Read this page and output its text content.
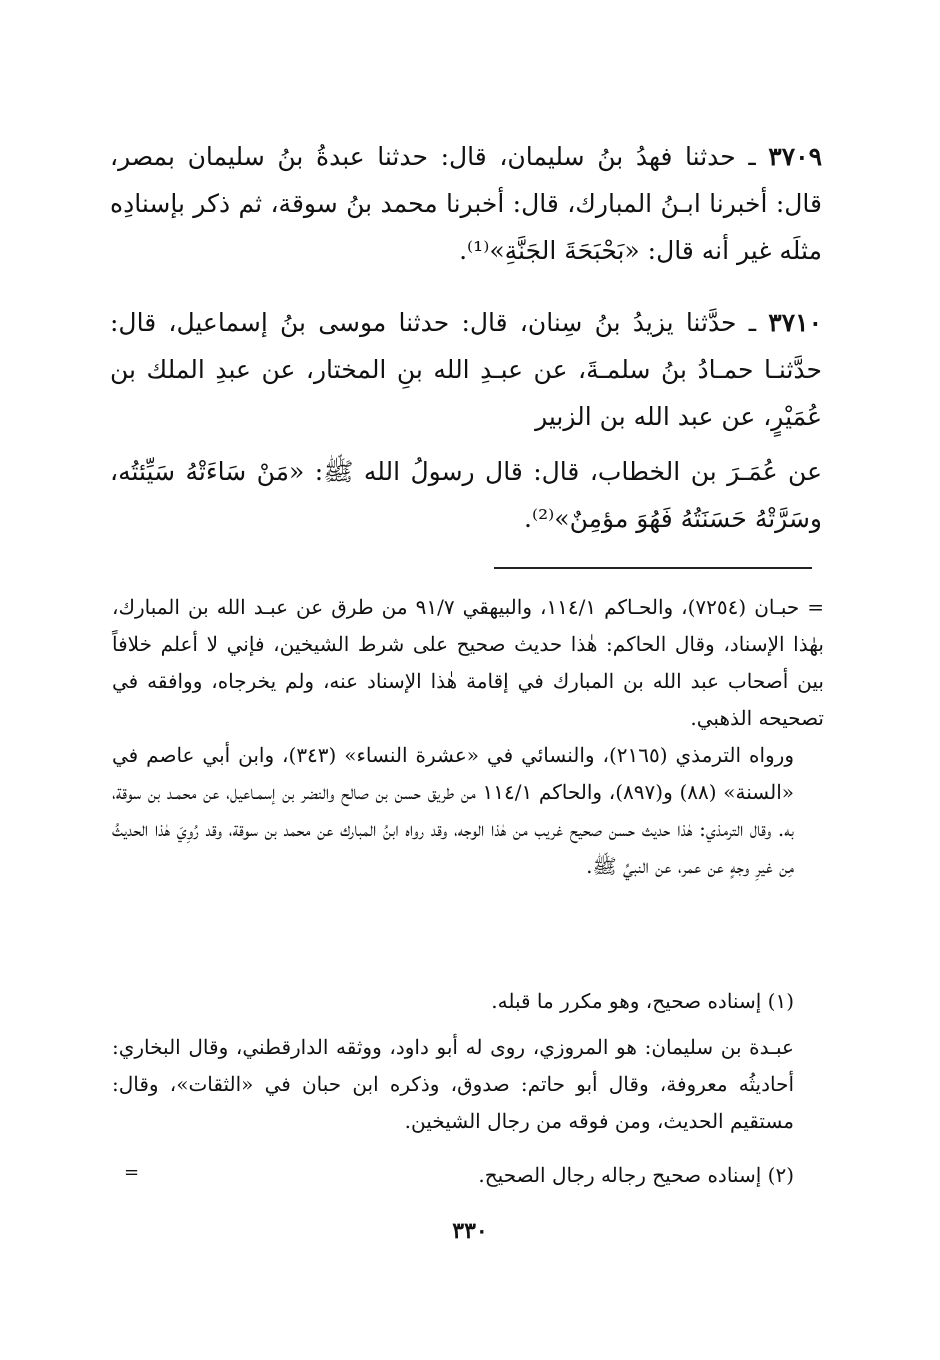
٣٧٠٩ ـ حدثنا فهدُ بنُ سليمان، قال: حدثنا عبدةُ بنُ سليمان بمصر، قال: أخبرنا ابـنُ المبارك، قال: أخبرنا محمد بنُ سوقة، ثم ذكر بإسنادِه مثلَه غير أنه قال: «بَحْبَحَةَ الجَنَّةِ»⁽¹⁾.

٣٧١٠ ـ حدَّثنا يزيدُ بنُ سِنان، قال: حدثنا موسى بنُ إسماعيل، قال: حدَّثنـا حمـادُ بنُ سلمـةَ، عن عبـدِ الله بنِ المختار، عن عبدِ الملك بن عُمَيْرٍ، عن عبد الله بن الزبير

عن عُمَـرَ بن الخطاب، قال: قال رسولُ الله ﷺ: «مَنْ سَاءَتْهُ سَيِّئتُه، وسَرَّتْهُ حَسَنَتُهُ فَهُوَ مؤمِنٌ»⁽²⁾.

= حبـان (٧٢٥٤)، والحـاكم ١١٤/١، والبيهقي ٩١/٧ من طرق عن عبـد الله بن المبارك، بهٰذا الإسناد، وقال الحاكم: هٰذا حديث صحيح على شرط الشيخين، فإني لا أعلم خلافاً بين أصحاب عبد الله بن المبارك في إقامة هٰذا الإسناد عنه، ولم يخرجاه، ووافقه في تصحيحه الذهبي.

ورواه الترمذي (٢١٦٥)، والنسائي في «عشرة النساء» (٣٤٣)، وابن أبي عاصم في «السنة» (٨٨) و(٨٩٧)، والحاكم ١١٤/١ من طريق حسن بن صالح والنضر بن إسمـاعيل، عن محمـد بن سوقة، به. وقال الترمذي: هٰذا حديث حسن صحيح غريب من هٰذا الوجه، وقد رواه ابنُ المبارك عن محمد بن سوقة، وقد رُوِيَ هٰذا الحديثُ مِن غيرِ وجهٍ عن عمر، عن النبيِّ ﷺ.

(١) إسناده صحيح، وهو مكرر ما قبله.

عبـدة بن سليمان: هو المروزي، روى له أبو داود، ووثقه الدارقطني، وقال البخاري: أحاديثُه معروفة، وقال أبو حاتم: صدوق، وذكره ابن حبان في «الثقات»، وقال: مستقيم الحديث، ومن فوقه من رجال الشيخين.

(٢) إسناده صحيح رجاله رجال الصحيح.

=
٣٣٠
